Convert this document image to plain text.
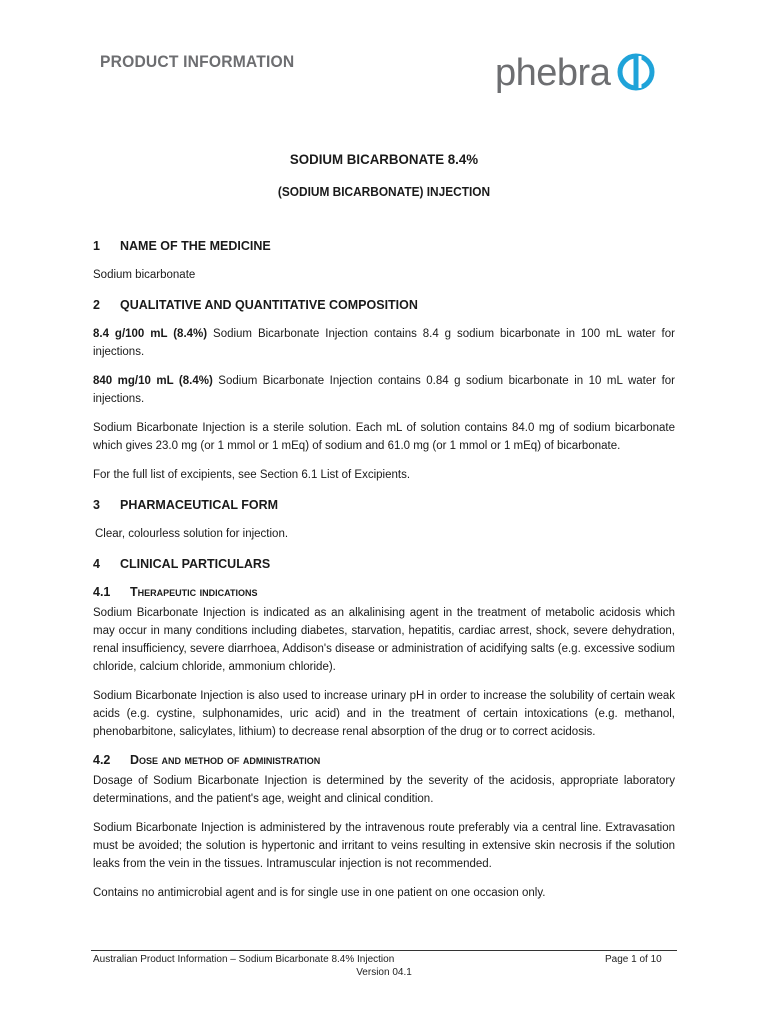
PRODUCT INFORMATION	phebra
SODIUM BICARBONATE 8.4%
(SODIUM BICARBONATE) INJECTION
1	NAME OF THE MEDICINE

Sodium bicarbonate

2	QUALITATIVE AND QUANTITATIVE COMPOSITION

8.4 g/100 mL (8.4%) Sodium Bicarbonate Injection contains 8.4 g sodium bicarbonate in 100 mL water for injections.

840 mg/10 mL (8.4%) Sodium Bicarbonate Injection contains 0.84 g sodium bicarbonate in 10 mL water for injections.

Sodium Bicarbonate Injection is a sterile solution. Each mL of solution contains 84.0 mg of sodium bicarbonate which gives 23.0 mg (or 1 mmol or 1 mEq) of sodium and 61.0 mg (or 1 mmol or 1 mEq) of bicarbonate.

For the full list of excipients, see Section 6.1 List of Excipients.

3	PHARMACEUTICAL FORM

Clear, colourless solution for injection.

4	CLINICAL PARTICULARS
4.1	Therapeutic indications

Sodium Bicarbonate Injection is indicated as an alkalinising agent in the treatment of metabolic acidosis which may occur in many conditions including diabetes, starvation, hepatitis, cardiac arrest, shock, severe dehydration, renal insufficiency, severe diarrhoea, Addison's disease or administration of acidifying salts (e.g. excessive sodium chloride, calcium chloride, ammonium chloride).

Sodium Bicarbonate Injection is also used to increase urinary pH in order to increase the solubility of certain weak acids (e.g. cystine, sulphonamides, uric acid) and in the treatment of certain intoxications (e.g. methanol, phenobarbitone, salicylates, lithium) to decrease renal absorption of the drug or to correct acidosis.

4.2	Dose and method of administration

Dosage of Sodium Bicarbonate Injection is determined by the severity of the acidosis, appropriate laboratory determinations, and the patient's age, weight and clinical condition.

Sodium Bicarbonate Injection is administered by the intravenous route preferably via a central line. Extravasation must be avoided; the solution is hypertonic and irritant to veins resulting in extensive skin necrosis if the solution leaks from the vein in the tissues. Intramuscular injection is not recommended.

Contains no antimicrobial agent and is for single use in one patient on one occasion only.

Australian Product Information – Sodium Bicarbonate 8.4% Injection	Page 1 of 10
Version 04.1
